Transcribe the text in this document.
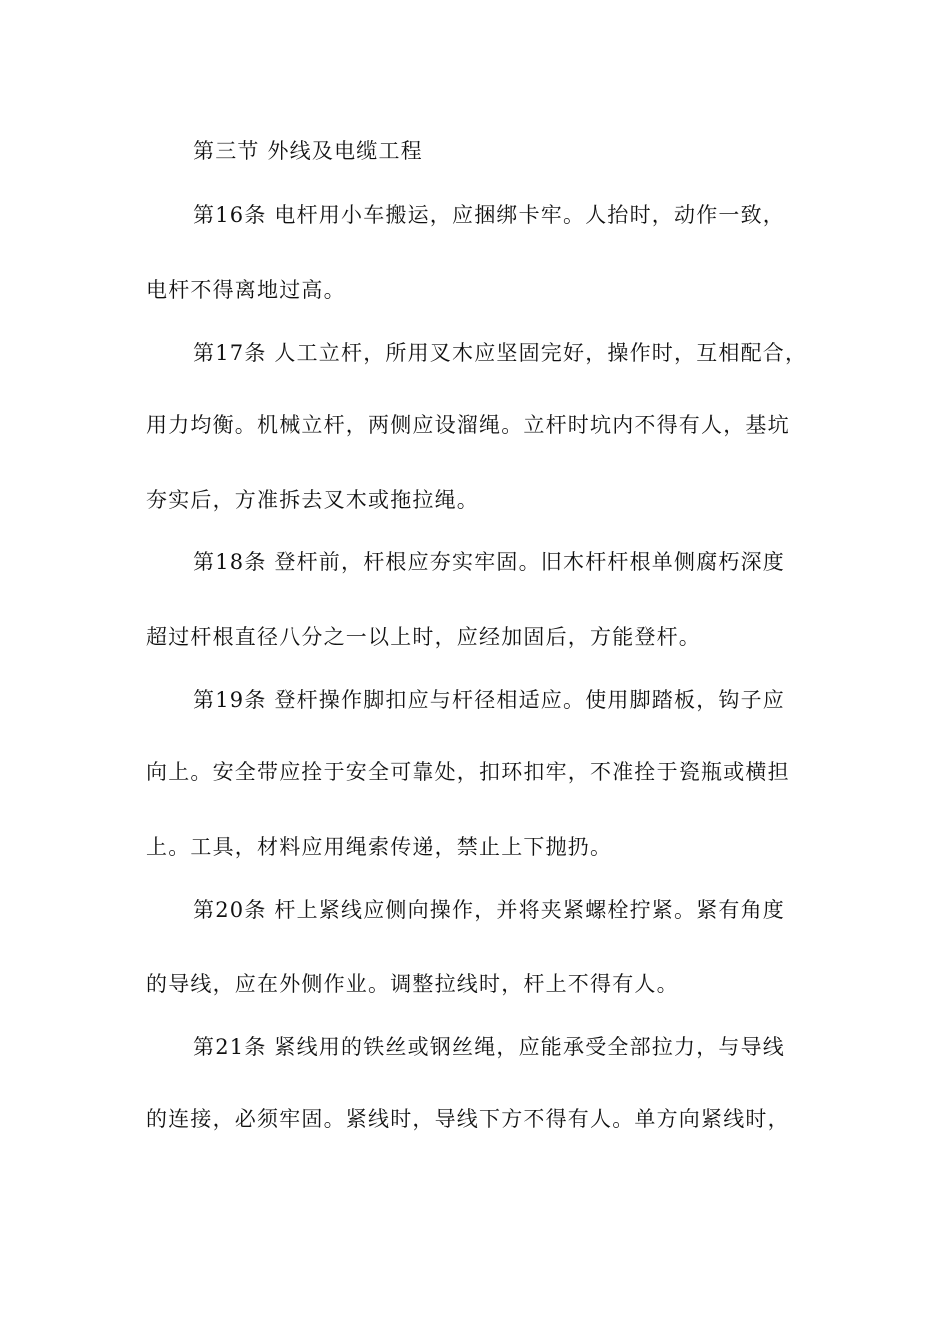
第三节 外线及电缆工程
第16条 电杆用小车搬运，应捆绑卡牢。人抬时，动作一致，
电杆不得离地过高。
第17条 人工立杆，所用叉木应坚固完好，操作时，互相配合，
用力均衡。机械立杆，两侧应设溜绳。立杆时坑内不得有人，基坑
夯实后，方准拆去叉木或拖拉绳。
第18条 登杆前，杆根应夯实牢固。旧木杆杆根单侧腐朽深度
超过杆根直径八分之一以上时，应经加固后，方能登杆。
第19条 登杆操作脚扣应与杆径相适应。使用脚踏板，钩子应
向上。安全带应拴于安全可靠处，扣环扣牢，不准拴于瓷瓶或横担
上。工具，材料应用绳索传递，禁止上下抛扔。
第20条 杆上紧线应侧向操作，并将夹紧螺栓拧紧。紧有角度
的导线，应在外侧作业。调整拉线时，杆上不得有人。
第21条 紧线用的铁丝或钢丝绳，应能承受全部拉力，与导线
的连接，必须牢固。紧线时，导线下方不得有人。单方向紧线时，
